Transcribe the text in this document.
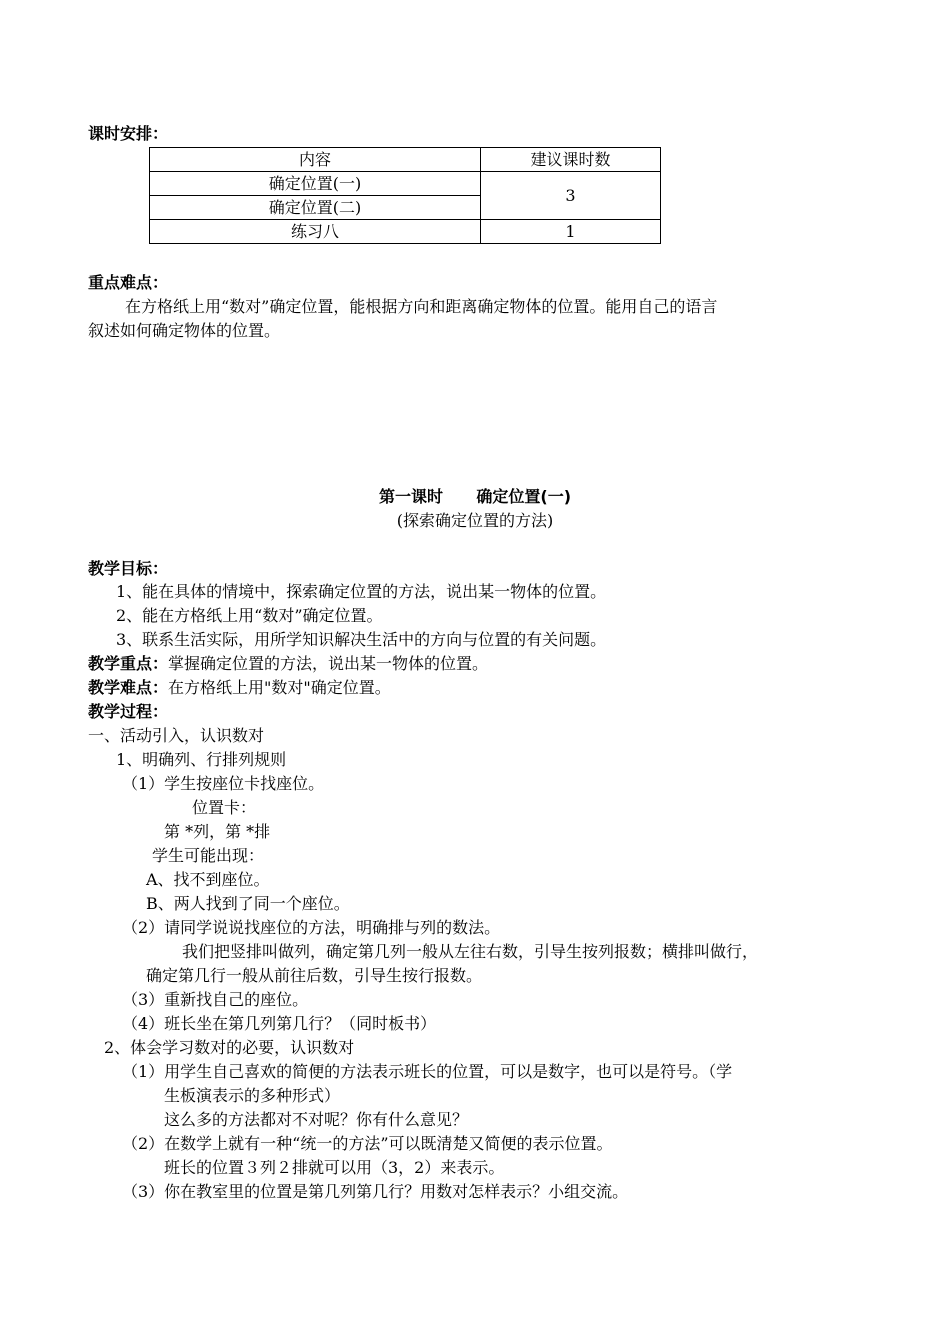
课时安排：
内容	建议课时数
确定位置(一)	3
确定位置(二)	
练习八	1
重点难点：
在方格纸上用“数对”确定位置，能根据方向和距离确定物体的位置。能用自己的语言
叙述如何确定物体的位置。
第一课时      确定位置(一)
(探索确定位置的方法)
教学目标：
1、能在具体的情境中，探索确定位置的方法，说出某一物体的位置。
2、能在方格纸上用“数对”确定位置。
3、联系生活实际，用所学知识解决生活中的方向与位置的有关问题。
教学重点：掌握确定位置的方法，说出某一物体的位置。
教学难点：在方格纸上用"数对"确定位置。
教学过程：
一、活动引入，认识数对
1、明确列、行排列规则
（1）学生按座位卡找座位。
位置卡：
第 *列，第 *排
学生可能出现：
A、找不到座位。
B、两人找到了同一个座位。
（2）请同学说说找座位的方法，明确排与列的数法。
我们把竖排叫做列，确定第几列一般从左往右数，引导生按列报数；横排叫做行，
确定第几行一般从前往后数，引导生按行报数。
（3）重新找自己的座位。
（4）班长坐在第几列第几行？（同时板书）
2、体会学习数对的必要，认识数对
（1）用学生自己喜欢的简便的方法表示班长的位置，可以是数字，也可以是符号。（学
生板演表示的多种形式）
这么多的方法都对不对呢？你有什么意见？
（2）在数学上就有一种“统一的方法”可以既清楚又简便的表示位置。
班长的位置３列２排就可以用（3，2）来表示。
（3）你在教室里的位置是第几列第几行？用数对怎样表示？小组交流。
